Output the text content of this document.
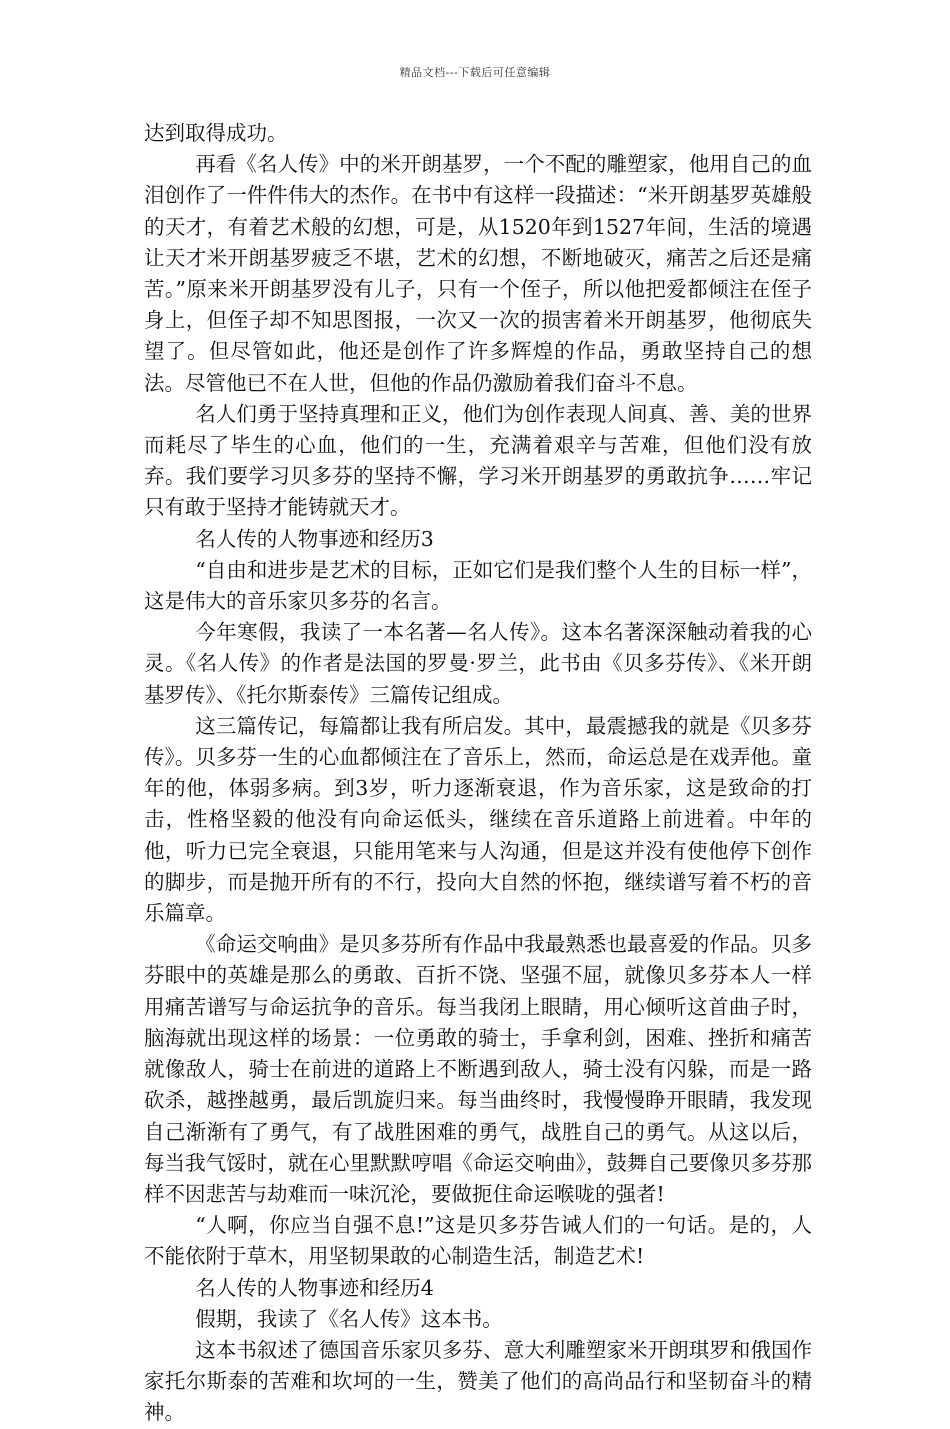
精品文档---下载后可任意编辑

达到取得成功。

再看《名人传》中的米开朗基罗，一个不配的雕塑家，他用自己的血泪创作了一件件伟大的杰作。在书中有这样一段描述：“米开朗基罗英雄般的天才，有着艺术般的幻想，可是，从1520年到1527年间，生活的境遇让天才米开朗基罗疲乏不堪，艺术的幻想，不断地破灭，痛苦之后还是痛苦。”原来米开朗基罗没有儿子，只有一个侄子，所以他把爱都倾注在侄子身上，但侄子却不知思图报，一次又一次的损害着米开朗基罗，他彻底失望了。但尽管如此，他还是创作了许多辉煌的作品，勇敢坚持自己的想法。尽管他已不在人世，但他的作品仍激励着我们奋斗不息。

名人们勇于坚持真理和正义，他们为创作表现人间真、善、美的世界而耗尽了毕生的心血，他们的一生，充满着艰辛与苦难，但他们没有放弃。我们要学习贝多芬的坚持不懈，学习米开朗基罗的勇敢抗争……牢记只有敢于坚持才能铸就天才。

名人传的人物事迹和经历3

“自由和进步是艺术的目标，正如它们是我们整个人生的目标一样”，这是伟大的音乐家贝多芬的名言。

今年寒假，我读了一本名著—名人传》。这本名著深深触动着我的心灵。《名人传》的作者是法国的罗曼·罗兰，此书由《贝多芬传》、《米开朗基罗传》、《托尔斯泰传》三篇传记组成。

这三篇传记，每篇都让我有所启发。其中，最震撼我的就是《贝多芬传》。贝多芬一生的心血都倾注在了音乐上，然而，命运总是在戏弄他。童年的他，体弱多病。到3岁，听力逐渐衰退，作为音乐家，这是致命的打击，性格坚毅的他没有向命运低头，继续在音乐道路上前进着。中年的他，听力已完全衰退，只能用笔来与人沟通，但是这并没有使他停下创作的脚步，而是抛开所有的不行，投向大自然的怀抱，继续谱写着不朽的音乐篇章。

《命运交响曲》是贝多芬所有作品中我最熟悉也最喜爱的作品。贝多芬眼中的英雄是那么的勇敢、百折不饶、坚强不屈，就像贝多芬本人一样用痛苦谱写与命运抗争的音乐。每当我闭上眼睛，用心倾听这首曲子时，脑海就出现这样的场景：一位勇敢的骑士，手拿利剑，困难、挫折和痛苦就像敌人，骑士在前进的道路上不断遇到敌人，骑士没有闪躲，而是一路砍杀，越挫越勇，最后凯旋归来。每当曲终时，我慢慢睁开眼睛，我发现自己渐渐有了勇气，有了战胜困难的勇气，战胜自己的勇气。从这以后，每当我气馁时，就在心里默默哼唱《命运交响曲》，鼓舞自己要像贝多芬那样不因悲苦与劫难而一味沉沦，要做扼住命运喉咙的强者!

“人啊，你应当自强不息!”这是贝多芬告诫人们的一句话。是的，人不能依附于草木，用坚韧果敢的心制造生活，制造艺术!

名人传的人物事迹和经历4

假期，我读了《名人传》这本书。

这本书叙述了德国音乐家贝多芬、意大利雕塑家米开朗琪罗和俄国作家托尔斯泰的苦难和坎坷的一生，赞美了他们的高尚品行和坚韧奋斗的精神。
